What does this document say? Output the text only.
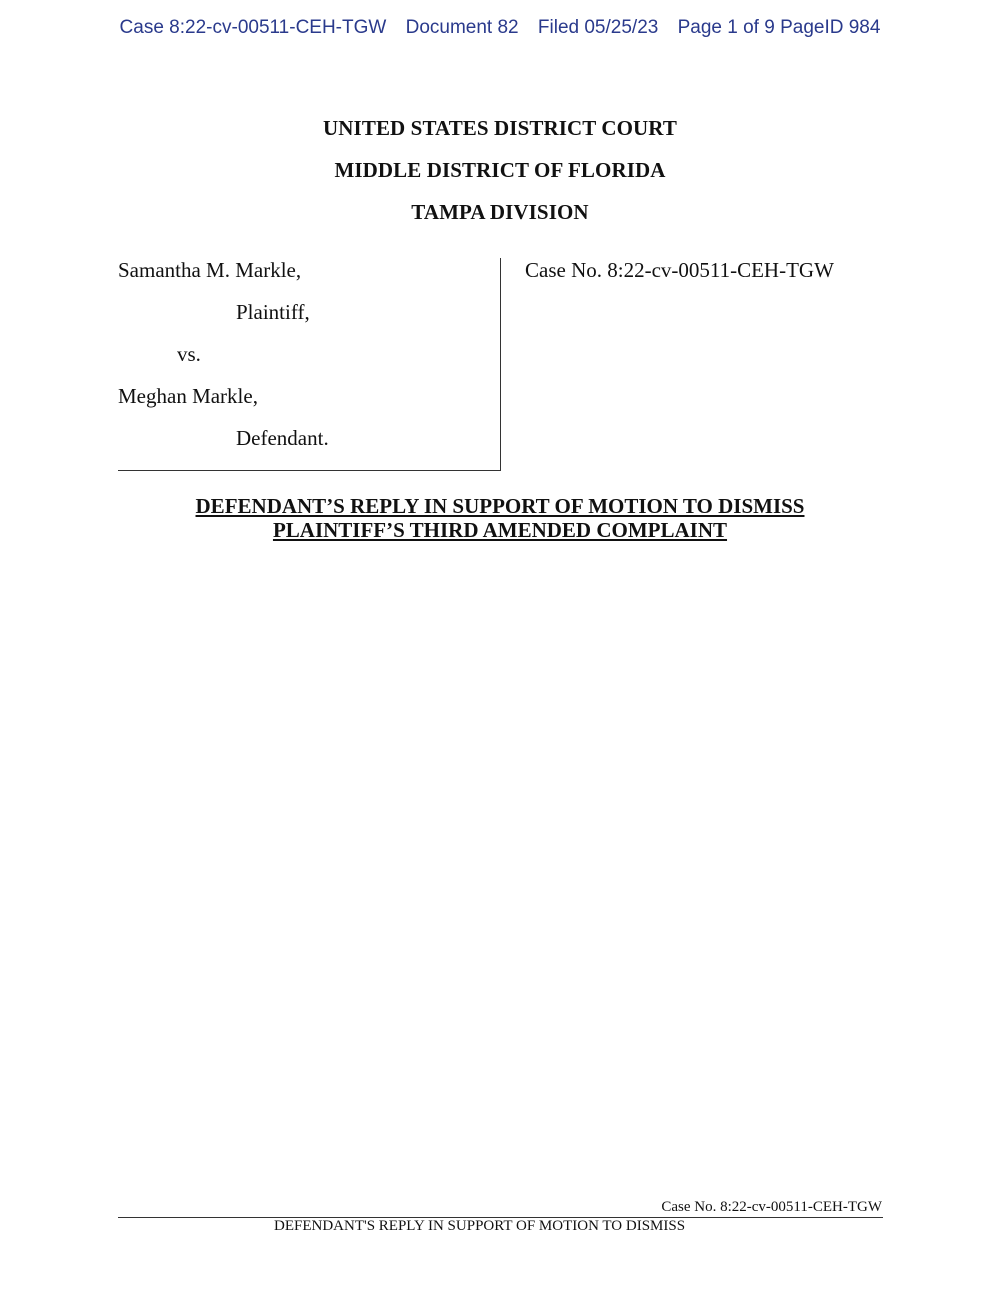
Case 8:22-cv-00511-CEH-TGW Document 82 Filed 05/25/23 Page 1 of 9 PageID 984
UNITED STATES DISTRICT COURT
MIDDLE DISTRICT OF FLORIDA
TAMPA DIVISION
Samantha M. Markle,
Plaintiff,
vs.
Meghan Markle,
Defendant.
Case No. 8:22-cv-00511-CEH-TGW
DEFENDANT’S REPLY IN SUPPORT OF MOTION TO DISMISS
PLAINTIFF’S THIRD AMENDED COMPLAINT
Case No. 8:22-cv-00511-CEH-TGW
DEFENDANT'S REPLY IN SUPPORT OF MOTION TO DISMISS
